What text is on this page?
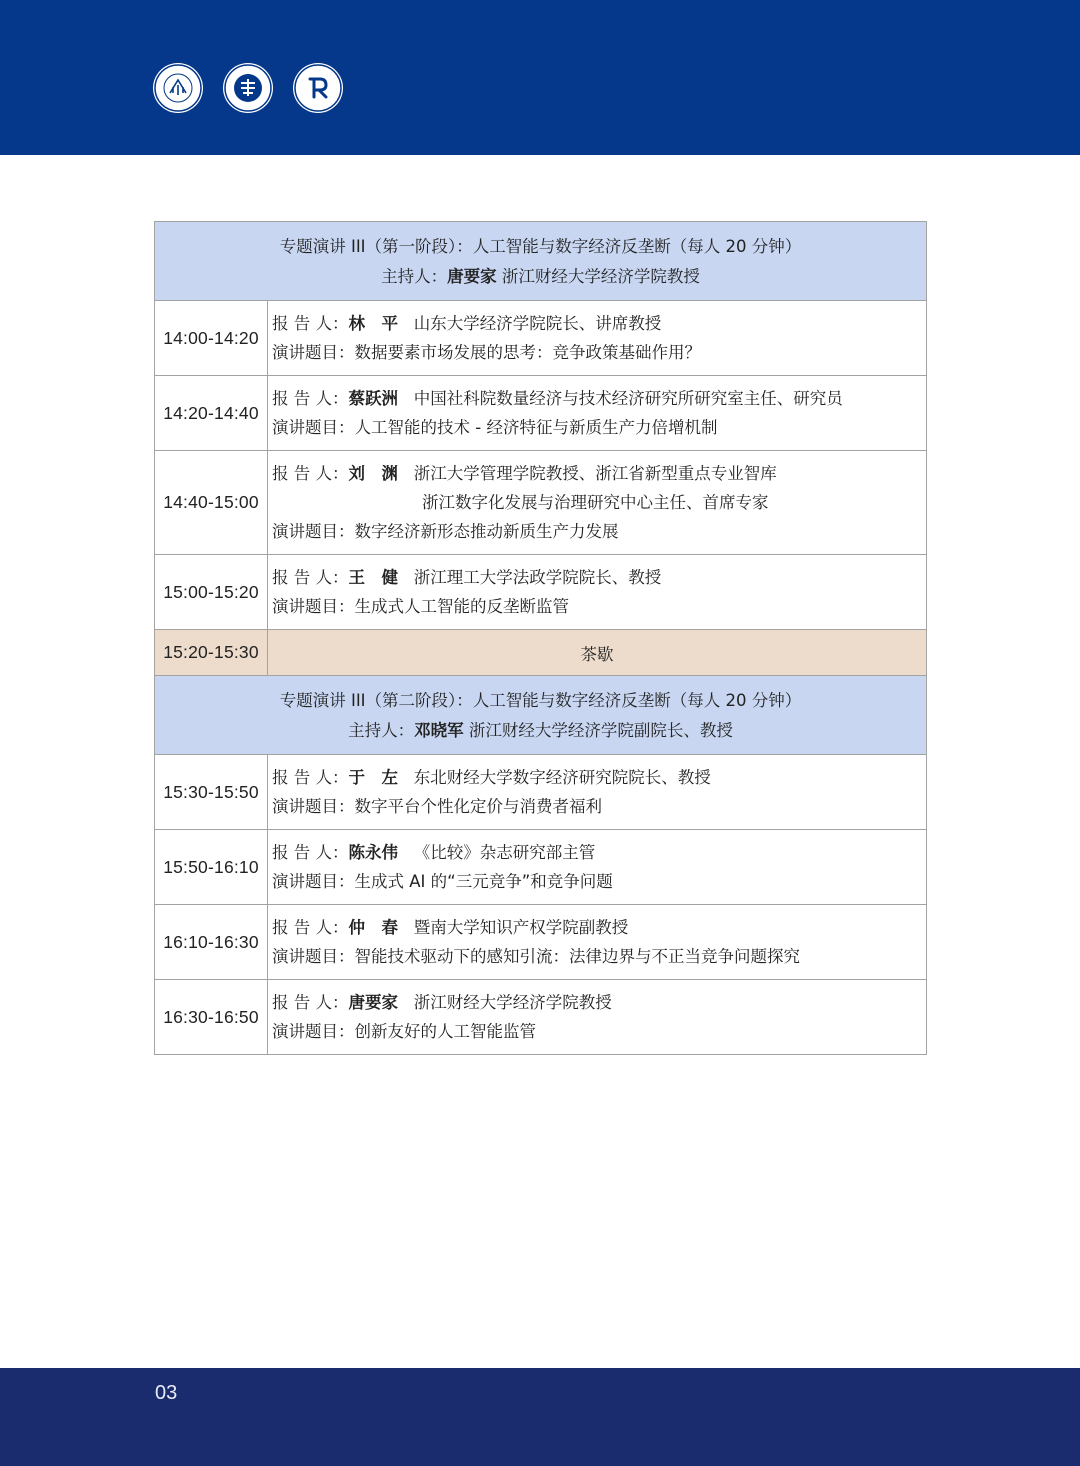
专题演讲 III（第一阶段）：人工智能与数字经济反垄断（每人 20 分钟）
主持人：唐要家 浙江财经大学经济学院教授	

14:00-14:20	报 告 人：林　平 山东大学经济学院院长、讲席教授
演讲题目：数据要素市场发展的思考：竞争政策基础作用？

14:20-14:40	报 告 人：蔡跃洲 中国社科院数量经济与技术经济研究所研究室主任、研究员
演讲题目：人工智能的技术 - 经济特征与新质生产力倍增机制

14:40-15:00	报 告 人：刘　渊 浙江大学管理学院教授、浙江省新型重点专业智库
浙江数字化发展与治理研究中心主任、首席专家
演讲题目：数字经济新形态推动新质生产力发展

15:00-15:20	报 告 人：王　健 浙江理工大学法政学院院长、教授
演讲题目：生成式人工智能的反垄断监管

15:20-15:30	茶歇

专题演讲 III（第二阶段）：人工智能与数字经济反垄断（每人 20 分钟）
主持人：邓晓军 浙江财经大学经济学院副院长、教授	

15:30-15:50	报 告 人：于　左 东北财经大学数字经济研究院院长、教授
演讲题目：数字平台个性化定价与消费者福利

15:50-16:10	报 告 人：陈永伟 《比较》杂志研究部主管
演讲题目：生成式 AI 的“三元竞争”和竞争问题

16:10-16:30	报 告 人：仲　春 暨南大学知识产权学院副教授
演讲题目：智能技术驱动下的感知引流：法律边界与不正当竞争问题探究

16:30-16:50	报 告 人：唐要家 浙江财经大学经济学院教授
演讲题目：创新友好的人工智能监管
03
